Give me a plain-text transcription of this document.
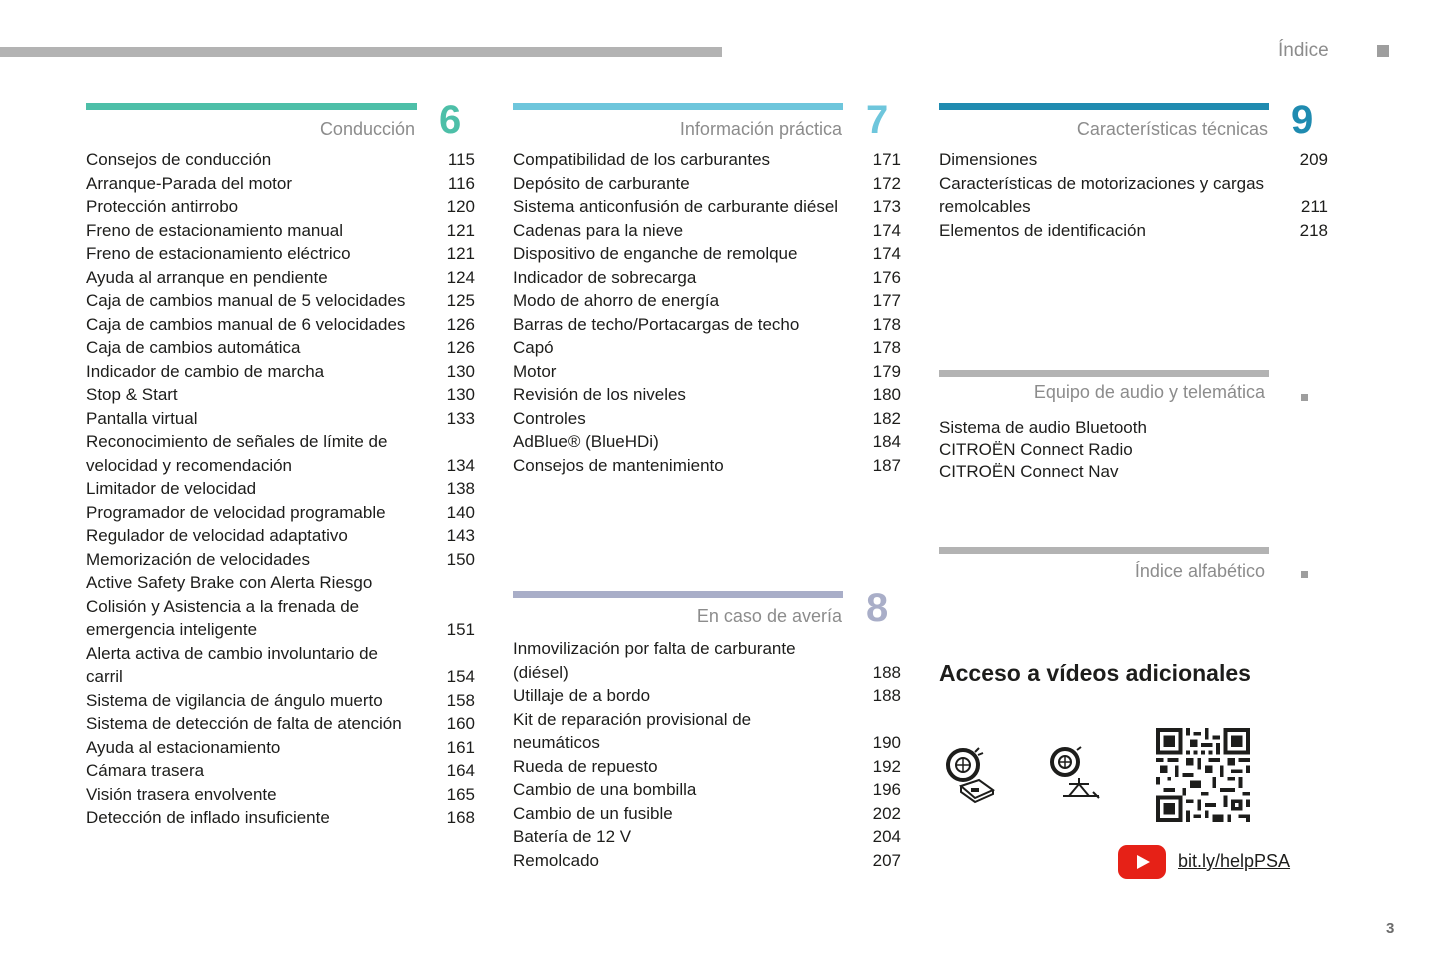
Índice
Conducción 6
Consejos de conducción	115
Arranque-Parada del motor	116
Protección antirrobo	120
Freno de estacionamiento manual	121
Freno de estacionamiento eléctrico	121
Ayuda al arranque en pendiente	124
Caja de cambios manual de 5 velocidades 125
Caja de cambios manual de 6 velocidades 126
Caja de cambios automática	126
Indicador de cambio de marcha	130
Stop & Start	130
Pantalla virtual	133
Reconocimiento de señales de límite de velocidad y recomendación	134
Limitador de velocidad	138
Programador de velocidad programable	140
Regulador de velocidad adaptativo	143
Memorización de velocidades	150
Active Safety Brake con Alerta Riesgo Colisión y Asistencia a la frenada de emergencia inteligente	151
Alerta activa de cambio involuntario de carril	154
Sistema de vigilancia de ángulo muerto	158
Sistema de detección de falta de atención	160
Ayuda al estacionamiento	161
Cámara trasera	164
Visión trasera envolvente	165
Detección de inflado insuficiente	168
Información práctica 7
Compatibilidad de los carburantes	171
Depósito de carburante	172
Sistema anticonfusión de carburante diésel 173
Cadenas para la nieve	174
Dispositivo de enganche de remolque	174
Indicador de sobrecarga	176
Modo de ahorro de energía	177
Barras de techo/Portacargas de techo	178
Capó	178
Motor	179
Revisión de los niveles	180
Controles	182
AdBlue® (BlueHDi)	184
Consejos de mantenimiento	187
En caso de avería 8
Inmovilización por falta de carburante (diésel)	188
Utillaje de a bordo	188
Kit de reparación provisional de neumáticos	190
Rueda de repuesto	192
Cambio de una bombilla	196
Cambio de un fusible	202
Batería de 12 V	204
Remolcado	207
Características técnicas 9
Dimensiones	209
Características de motorizaciones y cargas remolcables	211
Elementos de identificación	218
Equipo de audio y telemática
Sistema de audio Bluetooth
CITROËN Connect Radio
CITROËN Connect Nav
Índice alfabético
Acceso a vídeos adicionales
bit.ly/helpPSA
3
